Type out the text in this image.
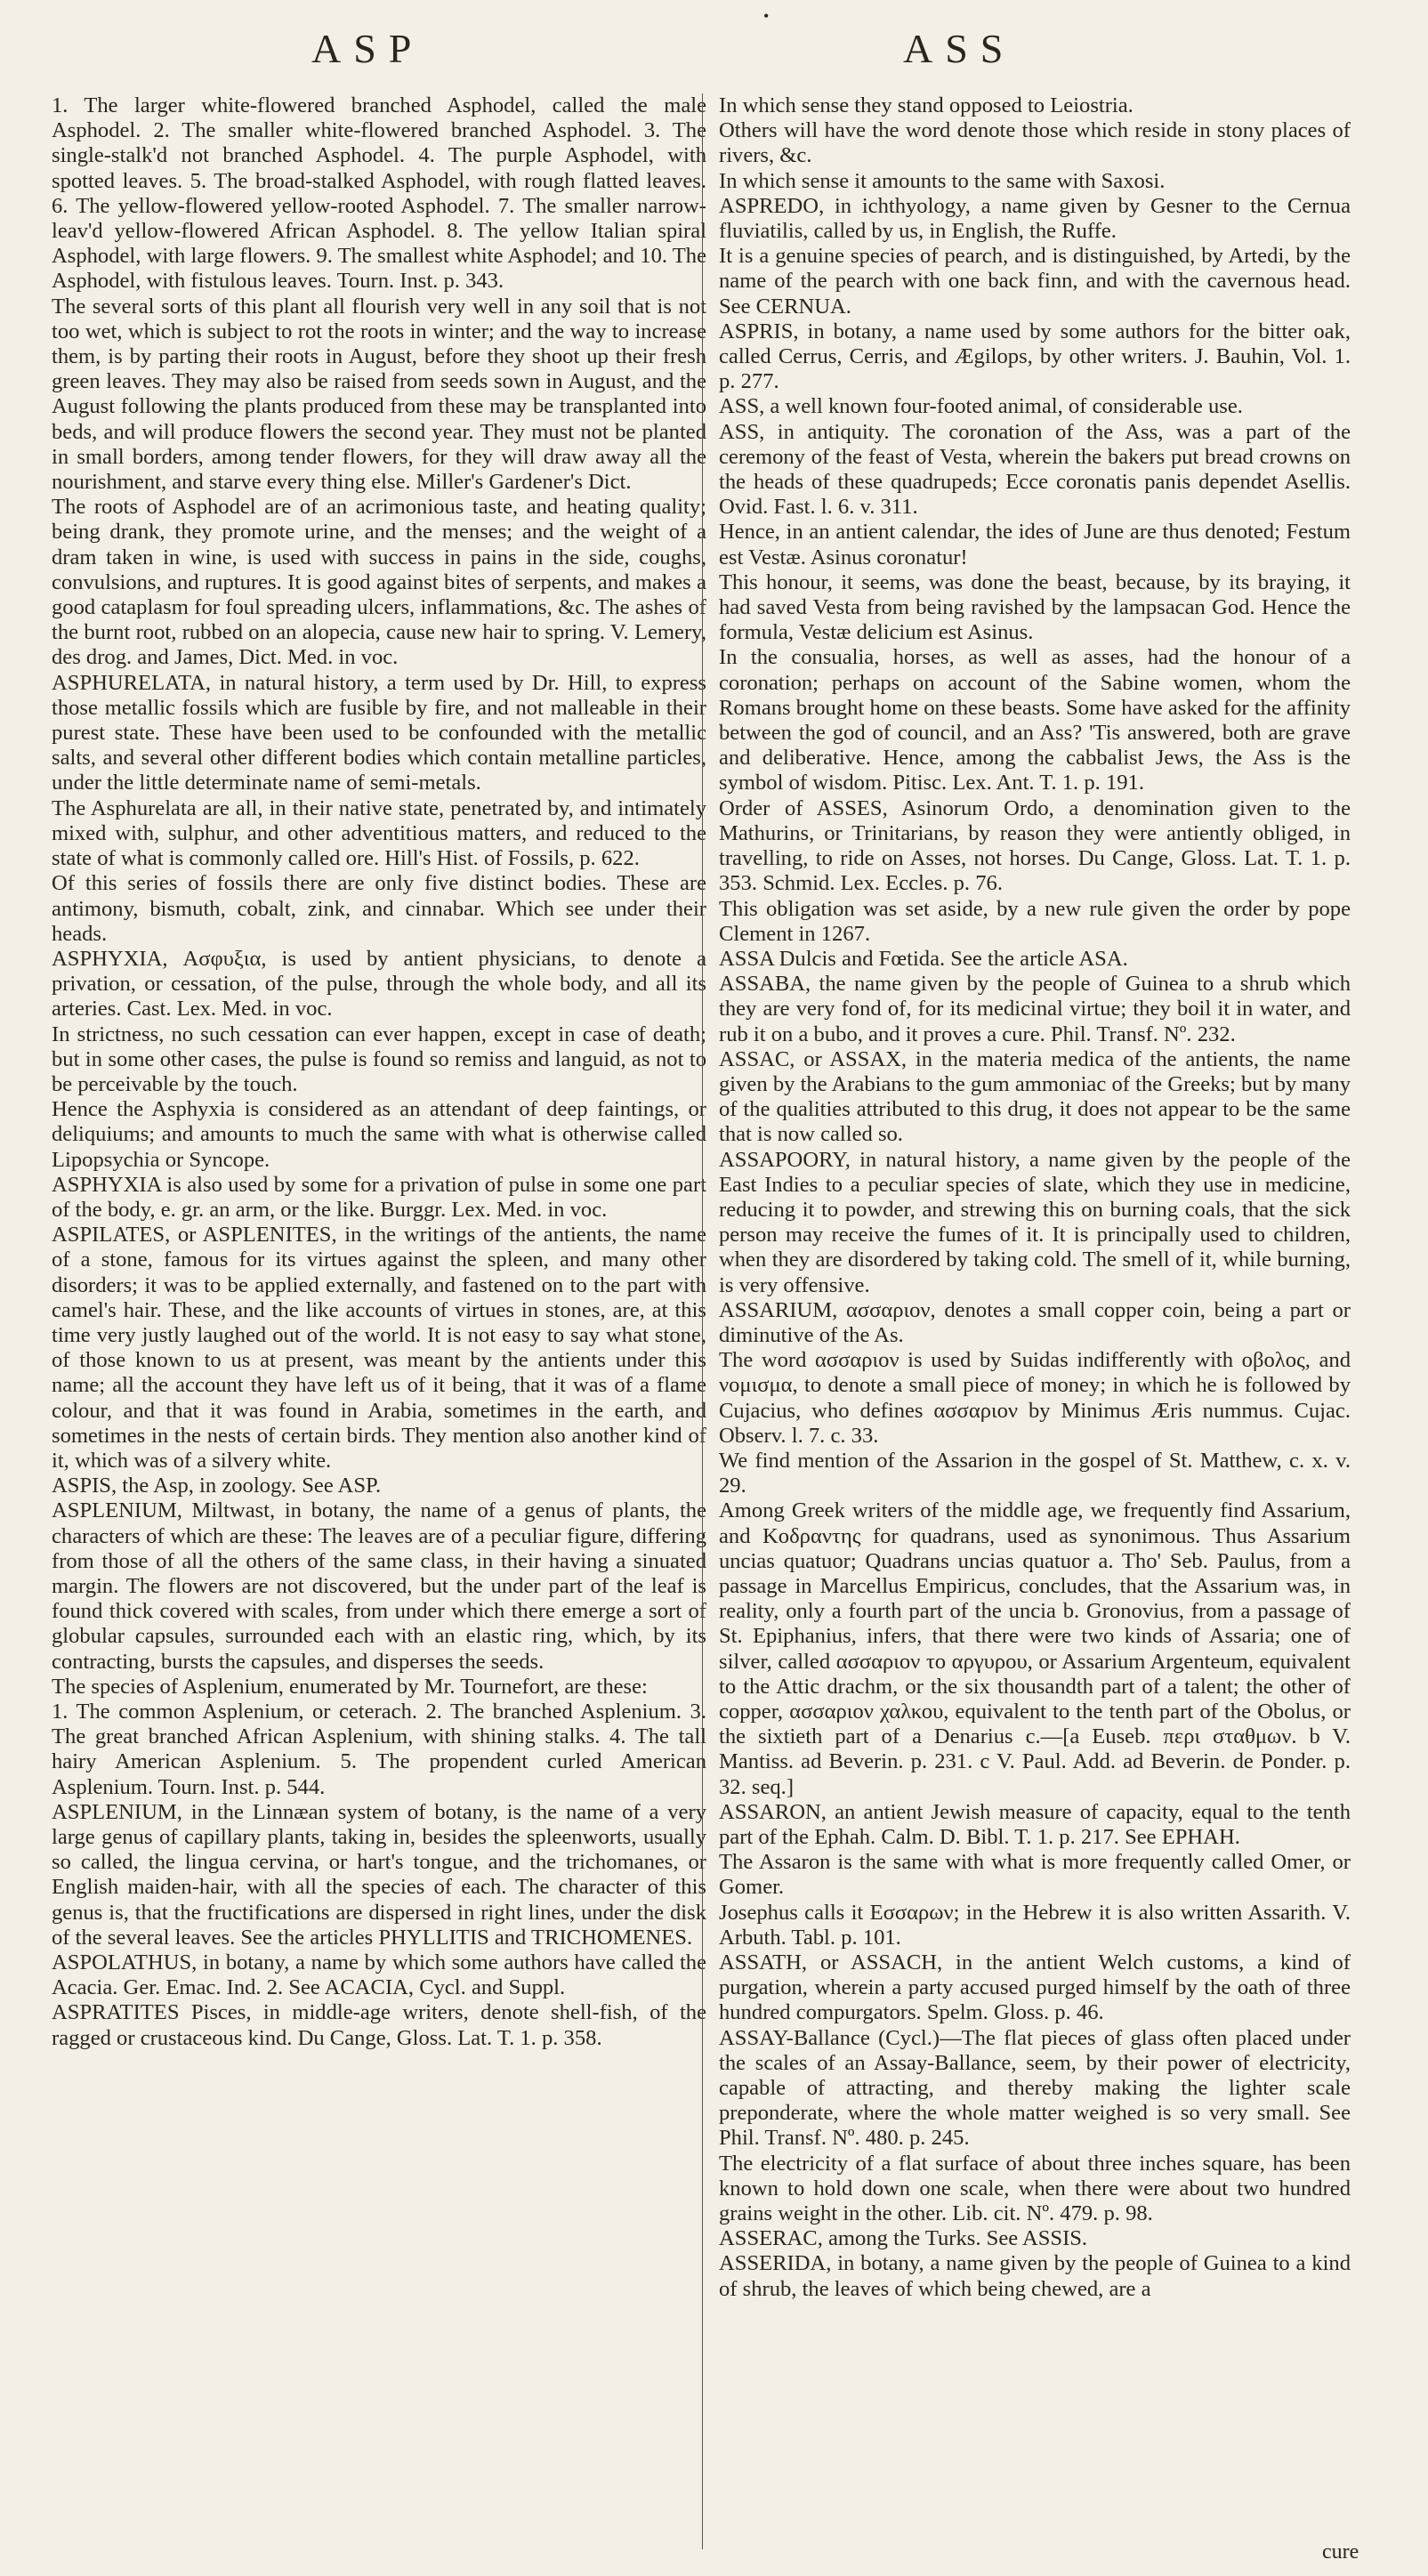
•
ASP	ASS

1. The larger white-flowered branched Asphodel, called the male Asphodel. 2. The smaller white-flowered branched Asphodel. 3. The single-stalk'd not branched Asphodel. 4. The purple Asphodel, with spotted leaves. 5. The broad-stalked Asphodel, with rough flatted leaves. 6. The yellow-flowered yellow-rooted Asphodel. 7. The smaller narrow-leav'd yellow-flowered African Asphodel. 8. The yellow Italian spiral Asphodel, with large flowers. 9. The smallest white Asphodel; and 10. The Asphodel, with fistulous leaves. Tourn. Inst. p. 343.

The several sorts of this plant all flourish very well in any soil that is not too wet, which is subject to rot the roots in winter; and the way to increase them, is by parting their roots in August, before they shoot up their fresh green leaves. They may also be raised from seeds sown in August, and the August following the plants produced from these may be transplanted into beds, and will produce flowers the second year. They must not be planted in small borders, among tender flowers, for they will draw away all the nourishment, and starve every thing else. Miller's Gardener's Dict.

The roots of Asphodel are of an acrimonious taste, and heating quality; being drank, they promote urine, and the menses; and the weight of a dram taken in wine, is used with success in pains in the side, coughs, convulsions, and ruptures. It is good against bites of serpents, and makes a good cataplasm for foul spreading ulcers, inflammations, &c. The ashes of the burnt root, rubbed on an alopecia, cause new hair to spring. V. Lemery, des drog. and James, Dict. Med. in voc.

ASPHURELATA, in natural history, a term used by Dr. Hill, to express those metallic fossils which are fusible by fire, and not malleable in their purest state. These have been used to be confounded with the metallic salts, and several other different bodies which contain metalline particles, under the little determinate name of semi-metals.

The Asphurelata are all, in their native state, penetrated by, and intimately mixed with, sulphur, and other adventitious matters, and reduced to the state of what is commonly called ore. Hill's Hist. of Fossils, p. 622.

Of this series of fossils there are only five distinct bodies. These are antimony, bismuth, cobalt, zink, and cinnabar. Which see under their heads.

ASPHYXIA, Ασφυξια, is used by antient physicians, to denote a privation, or cessation, of the pulse, through the whole body, and all its arteries. Cast. Lex. Med. in voc.

In strictness, no such cessation can ever happen, except in case of death; but in some other cases, the pulse is found so remiss and languid, as not to be perceivable by the touch.

Hence the Asphyxia is considered as an attendant of deep faintings, or deliquiums; and amounts to much the same with what is otherwise called Lipopsychia or Syncope.

ASPHYXIA is also used by some for a privation of pulse in some one part of the body, e. gr. an arm, or the like. Burggr. Lex. Med. in voc.

ASPILATES, or ASPLENITES, in the writings of the antients, the name of a stone, famous for its virtues against the spleen, and many other disorders; it was to be applied externally, and fastened on to the part with camel's hair. These, and the like accounts of virtues in stones, are, at this time very justly laughed out of the world. It is not easy to say what stone, of those known to us at present, was meant by the antients under this name; all the account they have left us of it being, that it was of a flame colour, and that it was found in Arabia, sometimes in the earth, and sometimes in the nests of certain birds. They mention also another kind of it, which was of a silvery white.

ASPIS, the Asp, in zoology. See ASP.

ASPLENIUM, Miltwast, in botany, the name of a genus of plants, the characters of which are these: The leaves are of a peculiar figure, differing from those of all the others of the same class, in their having a sinuated margin. The flowers are not discovered, but the under part of the leaf is found thick covered with scales, from under which there emerge a sort of globular capsules, surrounded each with an elastic ring, which, by its contracting, bursts the capsules, and disperses the seeds.

The species of Asplenium, enumerated by Mr. Tournefort, are these:

1. The common Asplenium, or ceterach. 2. The branched Asplenium. 3. The great branched African Asplenium, with shining stalks. 4. The tall hairy American Asplenium. 5. The propendent curled American Asplenium. Tourn. Inst. p. 544.

ASPLENIUM, in the Linnæan system of botany, is the name of a very large genus of capillary plants, taking in, besides the spleenworts, usually so called, the lingua cervina, or hart's tongue, and the trichomanes, or English maiden-hair, with all the species of each. The character of this genus is, that the fructifications are dispersed in right lines, under the disk of the several leaves. See the articles PHYLLITIS and TRICHOMENES.

ASPOLATHUS, in botany, a name by which some authors have called the Acacia. Ger. Emac. Ind. 2. See ACACIA, Cycl. and Suppl.

ASPRATITES Pisces, in middle-age writers, denote shell-fish, of the ragged or crustaceous kind. Du Cange, Gloss. Lat. T. 1. p. 358.

In which sense they stand opposed to Leiostria.

Others will have the word denote those which reside in stony places of rivers, &c.

In which sense it amounts to the same with Saxosi.

ASPREDO, in ichthyology, a name given by Gesner to the Cernua fluviatilis, called by us, in English, the Ruffe.

It is a genuine species of pearch, and is distinguished, by Artedi, by the name of the pearch with one back finn, and with the cavernous head. See CERNUA.

ASPRIS, in botany, a name used by some authors for the bitter oak, called Cerrus, Cerris, and Ægilops, by other writers. J. Bauhin, Vol. 1. p. 277.

ASS, a well known four-footed animal, of considerable use.

ASS, in antiquity. The coronation of the Ass, was a part of the ceremony of the feast of Vesta, wherein the bakers put bread crowns on the heads of these quadrupeds; Ecce coronatis panis dependet Asellis. Ovid. Fast. l. 6. v. 311.

Hence, in an antient calendar, the ides of June are thus denoted; Festum est Vestæ. Asinus coronatur!

This honour, it seems, was done the beast, because, by its braying, it had saved Vesta from being ravished by the lampsacan God. Hence the formula, Vestæ delicium est Asinus.

In the consualia, horses, as well as asses, had the honour of a coronation; perhaps on account of the Sabine women, whom the Romans brought home on these beasts. Some have asked for the affinity between the god of council, and an Ass? 'Tis answered, both are grave and deliberative. Hence, among the cabbalist Jews, the Ass is the symbol of wisdom. Pitisc. Lex. Ant. T. 1. p. 191.

Order of ASSES, Asinorum Ordo, a denomination given to the Mathurins, or Trinitarians, by reason they were antiently obliged, in travelling, to ride on Asses, not horses. Du Cange, Gloss. Lat. T. 1. p. 353. Schmid. Lex. Eccles. p. 76.

This obligation was set aside, by a new rule given the order by pope Clement in 1267.

ASSA Dulcis and Fœtida. See the article ASA.

ASSABA, the name given by the people of Guinea to a shrub which they are very fond of, for its medicinal virtue; they boil it in water, and rub it on a bubo, and it proves a cure. Phil. Transf. Nº. 232.

ASSAC, or ASSAX, in the materia medica of the antients, the name given by the Arabians to the gum ammoniac of the Greeks; but by many of the qualities attributed to this drug, it does not appear to be the same that is now called so.

ASSAPOORY, in natural history, a name given by the people of the East Indies to a peculiar species of slate, which they use in medicine, reducing it to powder, and strewing this on burning coals, that the sick person may receive the fumes of it. It is principally used to children, when they are disordered by taking cold. The smell of it, while burning, is very offensive.

ASSARIUM, ασσαριον, denotes a small copper coin, being a part or diminutive of the As.

The word ασσαριον is used by Suidas indifferently with οβολος, and νομισμα, to denote a small piece of money; in which he is followed by Cujacius, who defines ασσαριον by Minimus Æris nummus. Cujac. Observ. l. 7. c. 33.

We find mention of the Assarion in the gospel of St. Matthew, c. x. v. 29.

Among Greek writers of the middle age, we frequently find Assarium, and Κοδραντης for quadrans, used as synonimous. Thus Assarium uncias quatuor; Quadrans uncias quatuor a. Tho' Seb. Paulus, from a passage in Marcellus Empiricus, concludes, that the Assarium was, in reality, only a fourth part of the uncia b. Gronovius, from a passage of St. Epiphanius, infers, that there were two kinds of Assaria; one of silver, called ασσαριον το αργυρου, or Assarium Argenteum, equivalent to the Attic drachm, or the six thousandth part of a talent; the other of copper, ασσαριον χαλκου, equivalent to the tenth part of the Obolus, or the sixtieth part of a Denarius c.—[a Euseb. περι σταθμων. b V. Mantiss. ad Beverin. p. 231. c V. Paul. Add. ad Beverin. de Ponder. p. 32. seq.]

ASSARON, an antient Jewish measure of capacity, equal to the tenth part of the Ephah. Calm. D. Bibl. T. 1. p. 217. See EPHAH.

The Assaron is the same with what is more frequently called Omer, or Gomer.

Josephus calls it Εσσαρων; in the Hebrew it is also written Assarith. V. Arbuth. Tabl. p. 101.

ASSATH, or ASSACH, in the antient Welch customs, a kind of purgation, wherein a party accused purged himself by the oath of three hundred compurgators. Spelm. Gloss. p. 46.

ASSAY-Ballance (Cycl.)—The flat pieces of glass often placed under the scales of an Assay-Ballance, seem, by their power of electricity, capable of attracting, and thereby making the lighter scale preponderate, where the whole matter weighed is so very small. See Phil. Transf. Nº. 480. p. 245.

The electricity of a flat surface of about three inches square, has been known to hold down one scale, when there were about two hundred grains weight in the other. Lib. cit. Nº. 479. p. 98.

ASSERAC, among the Turks. See ASSIS.

ASSERIDA, in botany, a name given by the people of Guinea to a kind of shrub, the leaves of which being chewed, are a

cure
